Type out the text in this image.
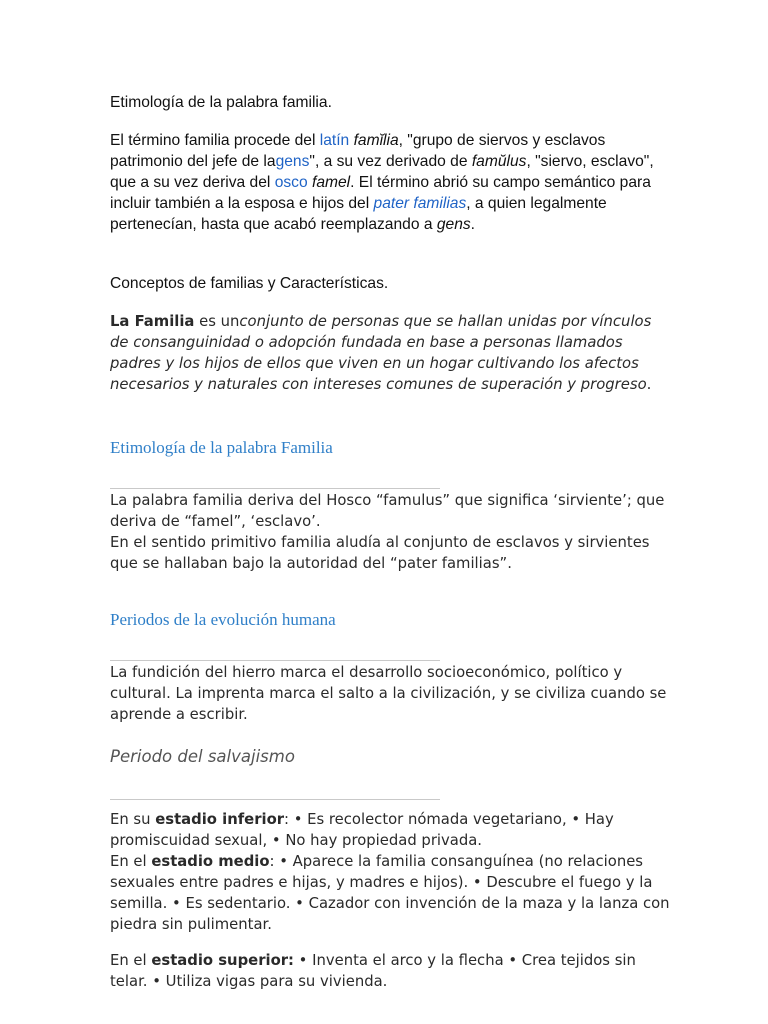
Etimología de la palabra familia.

El término familia procede del latín famĭlia, "grupo de siervos y esclavos patrimonio del jefe de lagens", a su vez derivado de famŭlus, "siervo, esclavo", que a su vez deriva del osco famel. El término abrió su campo semántico para incluir también a la esposa e hijos del pater familias, a quien legalmente pertenecían, hasta que acabó reemplazando a gens.

Conceptos de familias y Características.

La Familia es unconjunto de personas que se hallan unidas por vínculos de consanguinidad o adopción fundada en base a personas llamados padres y los hijos de ellos que viven en un hogar cultivando los afectos necesarios y naturales con intereses comunes de superación y progreso.

Etimología de la palabra Familia

La palabra familia deriva del Hosco “famulus” que significa ‘sirviente’; que deriva de “famel”, ‘esclavo’.

En el sentido primitivo familia aludía al conjunto de esclavos y sirvientes que se hallaban bajo la autoridad del “pater familias”.

Periodos de la evolución humana

La fundición del hierro marca el desarrollo socioeconómico, político y cultural. La imprenta marca el salto a la civilización, y se civiliza cuando se aprende a escribir.

Periodo del salvajismo

En su estadio inferior: • Es recolector nómada vegetariano, • Hay promiscuidad sexual, • No hay propiedad privada.

En el estadio medio: • Aparece la familia consanguínea (no relaciones sexuales entre padres e hijas, y madres e hijos). • Descubre el fuego y la semilla. • Es sedentario. • Cazador con invención de la maza y la lanza con piedra sin pulimentar.

En el estadio superior: • Inventa el arco y la flecha • Crea tejidos sin telar. • Utiliza vigas para su vivienda.
